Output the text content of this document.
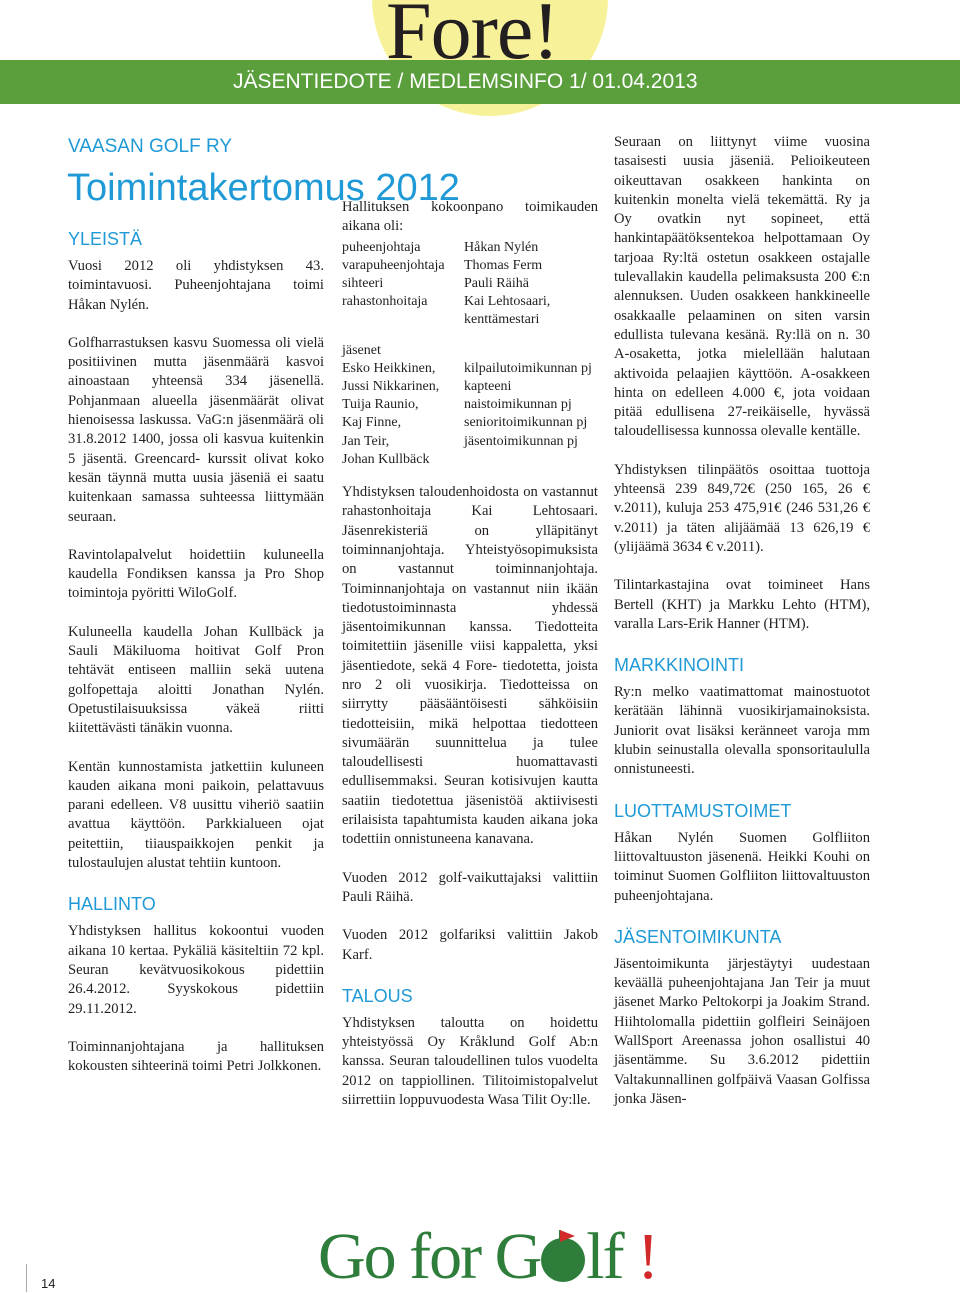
Fore!
JÄSENTIEDOTE / MEDLEMSINFO 1/ 01.04.2013
VAASAN GOLF RY
Toimintakertomus 2012
YLEISTÄ

Vuosi 2012 oli yhdistyksen 43. toimintavuosi. Puheenjohtajana toimi Håkan Nylén.

Golfharrastuksen kasvu Suomessa oli vielä positiivinen mutta jäsenmäärä kasvoi ainoastaan yhteensä 334 jäsenellä. Pohjanmaan alueella jäsenmäärät olivat hienoisessa laskussa. VaG:n jäsenmäärä oli 31.8.2012 1400, jossa oli kasvua kuitenkin 5 jäsentä. Greencard- kurssit olivat koko kesän täynnä mutta uusia jäseniä ei saatu kuitenkaan samassa suhteessa liittymään seuraan.

Ravintolapalvelut hoidettiin kuluneella kaudella Fondiksen kanssa ja Pro Shop toimintoja pyöritti WiloGolf.

Kuluneella kaudella Johan Kullbäck ja Sauli Mäkiluoma hoitivat Golf Pron tehtävät entiseen malliin sekä uutena golfopettaja aloitti Jonathan Nylén. Opetustilaisuuksissa väkeä riitti kiitettävästi tänäkin vuonna.

Kentän kunnostamista jatkettiin kuluneen kauden aikana moni paikoin, pelattavuus parani edelleen. V8 uusittu viheriö saatiin avattua käyttöön. Parkkialueen ojat peitettiin, tiiauspaikkojen penkit ja tulostaulujen alustat tehtiin kuntoon.

HALLINTO

Yhdistyksen hallitus kokoontui vuoden aikana 10 kertaa. Pykäliä käsiteltiin 72 kpl. Seuran kevätvuosikokous pidettiin 26.4.2012. Syyskokous pidettiin 29.11.2012.

Toiminnanjohtajana ja hallituksen kokousten sihteerinä toimi Petri Jolkkonen.

Hallituksen kokoonpano toimikauden aikana oli:

puheenjohtaja	Håkan Nylén
varapuheenjohtaja	Thomas Ferm
sihteeri	Pauli Räihä
rahastonhoitaja	Kai Lehtosaari, kenttämestari

jäsenet	
Esko Heikkinen,	kilpailutoimikunnan pj
Jussi Nikkarinen,	kapteeni
Tuija Raunio,	naistoimikunnan pj
Kaj Finne,	senioritoimikunnan pj
Jan Teir,	jäsentoimikunnan pj
Johan Kullbäck	

Yhdistyksen taloudenhoidosta on vastannut rahastonhoitaja Kai Lehtosaari. Jäsenrekisteriä on ylläpitänyt toiminnanjohtaja. Yhteistyösopimuksista on vastannut toiminnanjohtaja. Toiminnanjohtaja on vastannut niin ikään tiedotustoiminnasta yhdessä jäsentoimikunnan kanssa. Tiedotteita toimitettiin jäsenille viisi kappaletta, yksi jäsentiedote, sekä 4 Fore- tiedotetta, joista nro 2 oli vuosikirja. Tiedotteissa on siirrytty pääsääntöisesti sähköisiin tiedotteisiin, mikä helpottaa tiedotteen sivumäärän suunnittelua ja tulee taloudellisesti huomattavasti edullisemmaksi. Seuran kotisivujen kautta saatiin tiedotettua jäsenistöä aktiivisesti erilaisista tapahtumista kauden aikana joka todettiin onnistuneena kanavana.

Vuoden 2012 golf-vaikuttajaksi valittiin Pauli Räihä.

Vuoden 2012 golfariksi valittiin Jakob Karf.

TALOUS

Yhdistyksen taloutta on hoidettu yhteistyössä Oy Kråklund Golf Ab:n kanssa. Seuran taloudellinen tulos vuodelta 2012 on tappiollinen. Tilitoimistopalvelut siirrettiin loppuvuodesta Wasa Tilit Oy:lle.

Seuraan on liittynyt viime vuosina tasaisesti uusia jäseniä. Pelioikeuteen oikeuttavan osakkeen hankinta on kuitenkin monelta vielä tekemättä. Ry ja Oy ovatkin nyt sopineet, että hankintapäätöksentekoa helpottamaan Oy tarjoaa Ry:ltä ostetun osakkeen ostajalle tulevallakin kaudella pelimaksusta 200 €:n alennuksen. Uuden osakkeen hankkineelle osakkaalle pelaaminen on siten varsin edullista tulevana kesänä. Ry:llä on n. 30 A-osaketta, jotka mielellään halutaan aktivoida pelaajien käyttöön. A-osakkeen hinta on edelleen 4.000 €, jota voidaan pitää edullisena 27-reikäiselle, hyvässä taloudellisessa kunnossa olevalle kentälle.

Yhdistyksen tilinpäätös osoittaa tuottoja yhteensä 239 849,72€ (250 165, 26 € v.2011), kuluja 253 475,91€ (246 531,26 € v.2011) ja täten alijäämää 13 626,19 € (ylijäämä 3634 € v.2011).

Tilintarkastajina ovat toimineet Hans Bertell (KHT) ja Markku Lehto (HTM), varalla Lars-Erik Hanner (HTM).

MARKKINOINTI

Ry:n melko vaatimattomat mainostuotot kerätään lähinnä vuosikirjamainoksista. Juniorit ovat lisäksi keränneet varoja mm klubin seinustalla olevalla sponsoritaululla onnistuneesti.

LUOTTAMUSTOIMET

Håkan Nylén Suomen Golfliiton liittovaltuuston jäsenenä. Heikki Kouhi on toiminut Suomen Golfliiton liittovaltuuston puheenjohtajana.

JÄSENTOIMIKUNTA

Jäsentoimikunta järjestäytyi uudestaan keväällä puheenjohtajana Jan Teir ja muut jäsenet Marko Peltokorpi ja Joakim Strand. Hiihtolomalla pidettiin golfleiri Seinäjoen WallSport Areenassa johon osallistui 40 jäsentämme. Su 3.6.2012 pidettiin Valtakunnallinen golfpäivä Vaasan Golfissa jonka Jäsen-

14	Go for G lf !
